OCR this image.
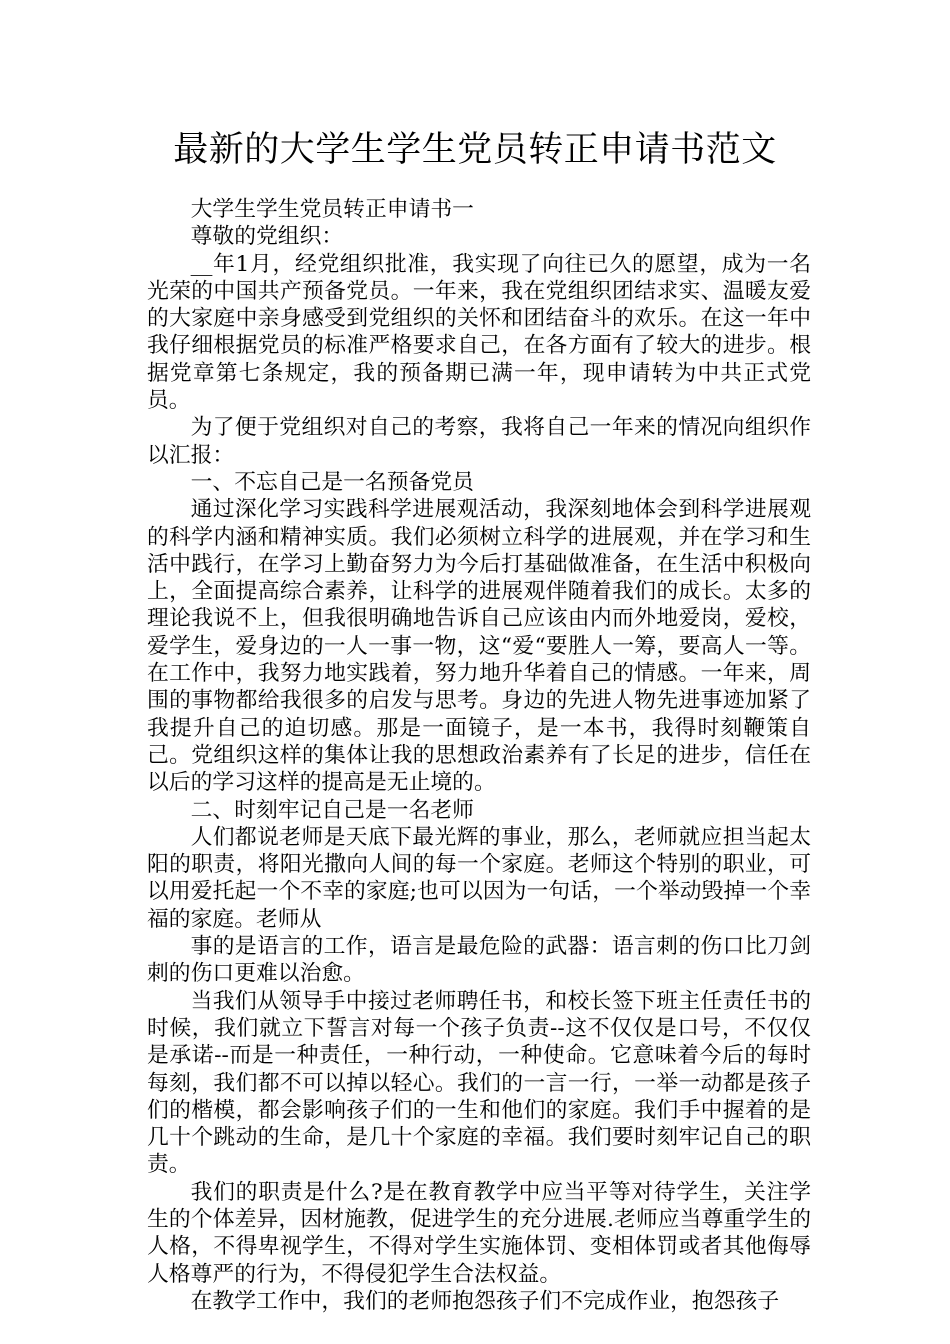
最新的大学生学生党员转正申请书范文

大学生学生党员转正申请书一

尊敬的党组织：

__年1月，经党组织批准，我实现了向往已久的愿望，成为一名光荣的中国共产预备党员。一年来，我在党组织团结求实、温暖友爱的大家庭中亲身感受到党组织的关怀和团结奋斗的欢乐。在这一年中我仔细根据党员的标准严格要求自己，在各方面有了较大的进步。根据党章第七条规定，我的预备期已满一年，现申请转为中共正式党员。

为了便于党组织对自己的考察，我将自己一年来的情况向组织作以汇报：

一、不忘自己是一名预备党员

通过深化学习实践科学进展观活动，我深刻地体会到科学进展观的科学内涵和精神实质。我们必须树立科学的进展观，并在学习和生活中践行，在学习上勤奋努力为今后打基础做准备，在生活中积极向上，全面提高综合素养，让科学的进展观伴随着我们的成长。太多的理论我说不上，但我很明确地告诉自己应该由内而外地爱岗，爱校，爱学生，爱身边的一人一事一物，这“爱“要胜人一筹，要高人一等。在工作中，我努力地实践着，努力地升华着自己的情感。一年来，周围的事物都给我很多的启发与思考。身边的先进人物先进事迹加紧了我提升自己的迫切感。那是一面镜子，是一本书，我得时刻鞭策自己。党组织这样的集体让我的思想政治素养有了长足的进步，信任在以后的学习这样的提高是无止境的。

二、时刻牢记自己是一名老师

人们都说老师是天底下最光辉的事业，那么，老师就应担当起太阳的职责，将阳光撒向人间的每一个家庭。老师这个特别的职业，可以用爱托起一个不幸的家庭;也可以因为一句话，一个举动毁掉一个幸福的家庭。老师从

事的是语言的工作，语言是最危险的武器：语言刺的伤口比刀剑刺的伤口更难以治愈。

当我们从领导手中接过老师聘任书，和校长签下班主任责任书的时候，我们就立下誓言对每一个孩子负责--这不仅仅是口号，不仅仅是承诺--而是一种责任，一种行动，一种使命。它意味着今后的每时每刻，我们都不可以掉以轻心。我们的一言一行，一举一动都是孩子们的楷模，都会影响孩子们的一生和他们的家庭。我们手中握着的是几十个跳动的生命，是几十个家庭的幸福。我们要时刻牢记自己的职责。

我们的职责是什么?是在教育教学中应当平等对待学生，关注学生的个体差异，因材施教，促进学生的充分进展.老师应当尊重学生的人格，不得卑视学生，不得对学生实施体罚、变相体罚或者其他侮辱人格尊严的行为，不得侵犯学生合法权益。

在教学工作中，我们的老师抱怨孩子们不完成作业，抱怨孩子
